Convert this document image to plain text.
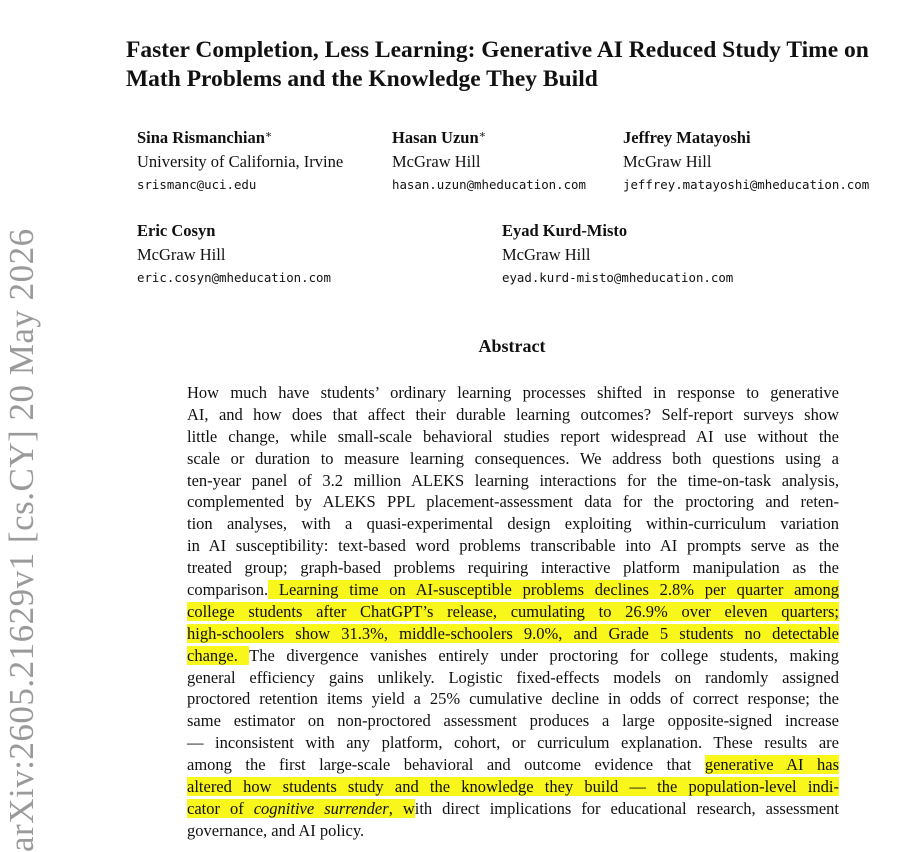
arXiv:2605.21629v1 [cs.CY] 20 May 2026
Faster Completion, Less Learning: Generative AI Reduced Study Time on Math Problems and the Knowledge They Build
Sina Rismanchian∗
University of California, Irvine
srismanc@uci.edu
Hasan Uzun∗
McGraw Hill
hasan.uzun@mheducation.com
Jeffrey Matayoshi
McGraw Hill
jeffrey.matayoshi@mheducation.com
Eric Cosyn
McGraw Hill
eric.cosyn@mheducation.com
Eyad Kurd-Misto
McGraw Hill
eyad.kurd-misto@mheducation.com
Abstract
How much have students’ ordinary learning processes shifted in response to generative
AI, and how does that affect their durable learning outcomes? Self-report surveys show
little change, while small-scale behavioral studies report widespread AI use without the
scale or duration to measure learning consequences. We address both questions using a
ten-year panel of 3.2 million ALEKS learning interactions for the time-on-task analysis,
complemented by ALEKS PPL placement-assessment data for the proctoring and reten-
tion analyses, with a quasi-experimental design exploiting within-curriculum variation
in AI susceptibility: text-based word problems transcribable into AI prompts serve as the
treated group; graph-based problems requiring interactive platform manipulation as the
comparison. Learning time on AI-susceptible problems declines 2.8% per quarter among
college students after ChatGPT’s release, cumulating to 26.9% over eleven quarters;
high-schoolers show 31.3%, middle-schoolers 9.0%, and Grade 5 students no detectable
change. The divergence vanishes entirely under proctoring for college students, making
general efficiency gains unlikely. Logistic fixed-effects models on randomly assigned
proctored retention items yield a 25% cumulative decline in odds of correct response; the
same estimator on non-proctored assessment produces a large opposite-signed increase
— inconsistent with any platform, cohort, or curriculum explanation. These results are
among the first large-scale behavioral and outcome evidence that generative AI has
altered how students study and the knowledge they build — the population-level indi-
cator of cognitive surrender, with direct implications for educational research, assessment
governance, and AI policy.
